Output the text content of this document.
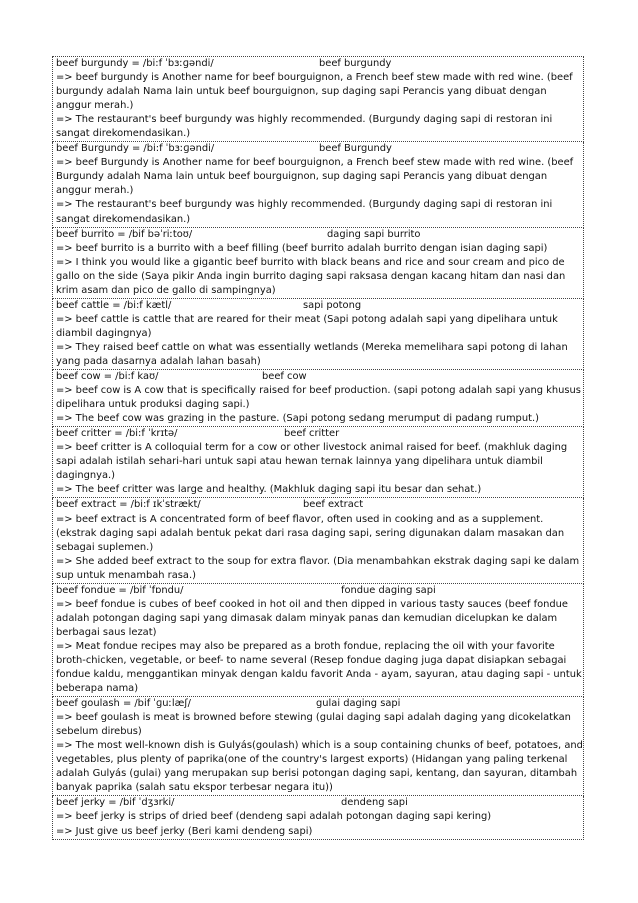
beef burgundy = /bi:f ˈbɜːɡəndi/	beef burgundy
=> beef burgundy is Another name for beef bourguignon, a French beef stew made with red wine. (beef burgundy adalah Nama lain untuk beef bourguignon, sup daging sapi Perancis yang dibuat dengan anggur merah.)
=> The restaurant's beef burgundy was highly recommended. (Burgundy daging sapi di restoran ini sangat direkomendasikan.)
beef Burgundy = /bi:f ˈbɜːɡəndi/	beef Burgundy
=> beef Burgundy is Another name for beef bourguignon, a French beef stew made with red wine. (beef Burgundy adalah Nama lain untuk beef bourguignon, sup daging sapi Perancis yang dibuat dengan anggur merah.)
=> The restaurant's beef burgundy was highly recommended. (Burgundy daging sapi di restoran ini sangat direkomendasikan.)
beef burrito = /bif bəˈriːtoʊ/	daging sapi burrito
=> beef burrito is a burrito with a beef filling (beef burrito adalah burrito dengan isian daging sapi)
=> I think you would like a gigantic beef burrito with black beans and rice and sour cream and pico de gallo on the side (Saya pikir Anda ingin burrito daging sapi raksasa dengan kacang hitam dan nasi dan krim asam dan pico de gallo di sampingnya)
beef cattle = /bi:f kætl/	sapi potong
=> beef cattle is cattle that are reared for their meat (Sapi potong adalah sapi yang dipelihara untuk diambil dagingnya)
=> They raised beef cattle on what was essentially wetlands (Mereka memelihara sapi potong di lahan yang pada dasarnya adalah lahan basah)
beef cow = /bi:f kaʊ/	beef cow
=> beef cow is A cow that is specifically raised for beef production. (sapi potong adalah sapi yang khusus dipelihara untuk produksi daging sapi.)
=> The beef cow was grazing in the pasture. (Sapi potong sedang merumput di padang rumput.)
beef critter = /bi:f ˈkrɪtə/	beef critter
=> beef critter is A colloquial term for a cow or other livestock animal raised for beef. (makhluk daging sapi adalah istilah sehari-hari untuk sapi atau hewan ternak lainnya yang dipelihara untuk diambil dagingnya.)
=> The beef critter was large and healthy. (Makhluk daging sapi itu besar dan sehat.)
beef extract = /bi:f ɪkˈstrækt/	beef extract
=> beef extract is A concentrated form of beef flavor, often used in cooking and as a supplement. (ekstrak daging sapi adalah bentuk pekat dari rasa daging sapi, sering digunakan dalam masakan dan sebagai suplemen.)
=> She added beef extract to the soup for extra flavor. (Dia menambahkan ekstrak daging sapi ke dalam sup untuk menambah rasa.)
beef fondue = /bif ˈfɒndu/	fondue daging sapi
=> beef fondue is cubes of beef cooked in hot oil and then dipped in various tasty sauces (beef fondue adalah potongan daging sapi yang dimasak dalam minyak panas dan kemudian dicelupkan ke dalam berbagai saus lezat)
=> Meat fondue recipes may also be prepared as a broth fondue, replacing the oil with your favorite broth-chicken, vegetable, or beef- to name several (Resep fondue daging juga dapat disiapkan sebagai fondue kaldu, menggantikan minyak dengan kaldu favorit Anda - ayam, sayuran, atau daging sapi - untuk beberapa nama)
beef goulash = /bif ˈɡuːlæʃ/	gulai daging sapi
=> beef goulash is meat is browned before stewing (gulai daging sapi adalah daging yang dicokelatkan sebelum direbus)
=> The most well-known dish is Gulyás(goulash) which is a soup containing chunks of beef, potatoes, and vegetables, plus plenty of paprika(one of the country's largest exports) (Hidangan yang paling terkenal adalah Gulyás (gulai) yang merupakan sup berisi potongan daging sapi, kentang, dan sayuran, ditambah banyak paprika (salah satu ekspor terbesar negara itu))
beef jerky = /bif ˈdʒɜrki/	dendeng sapi
=> beef jerky is strips of dried beef (dendeng sapi adalah potongan daging sapi kering)
=> Just give us beef jerky (Beri kami dendeng sapi)
